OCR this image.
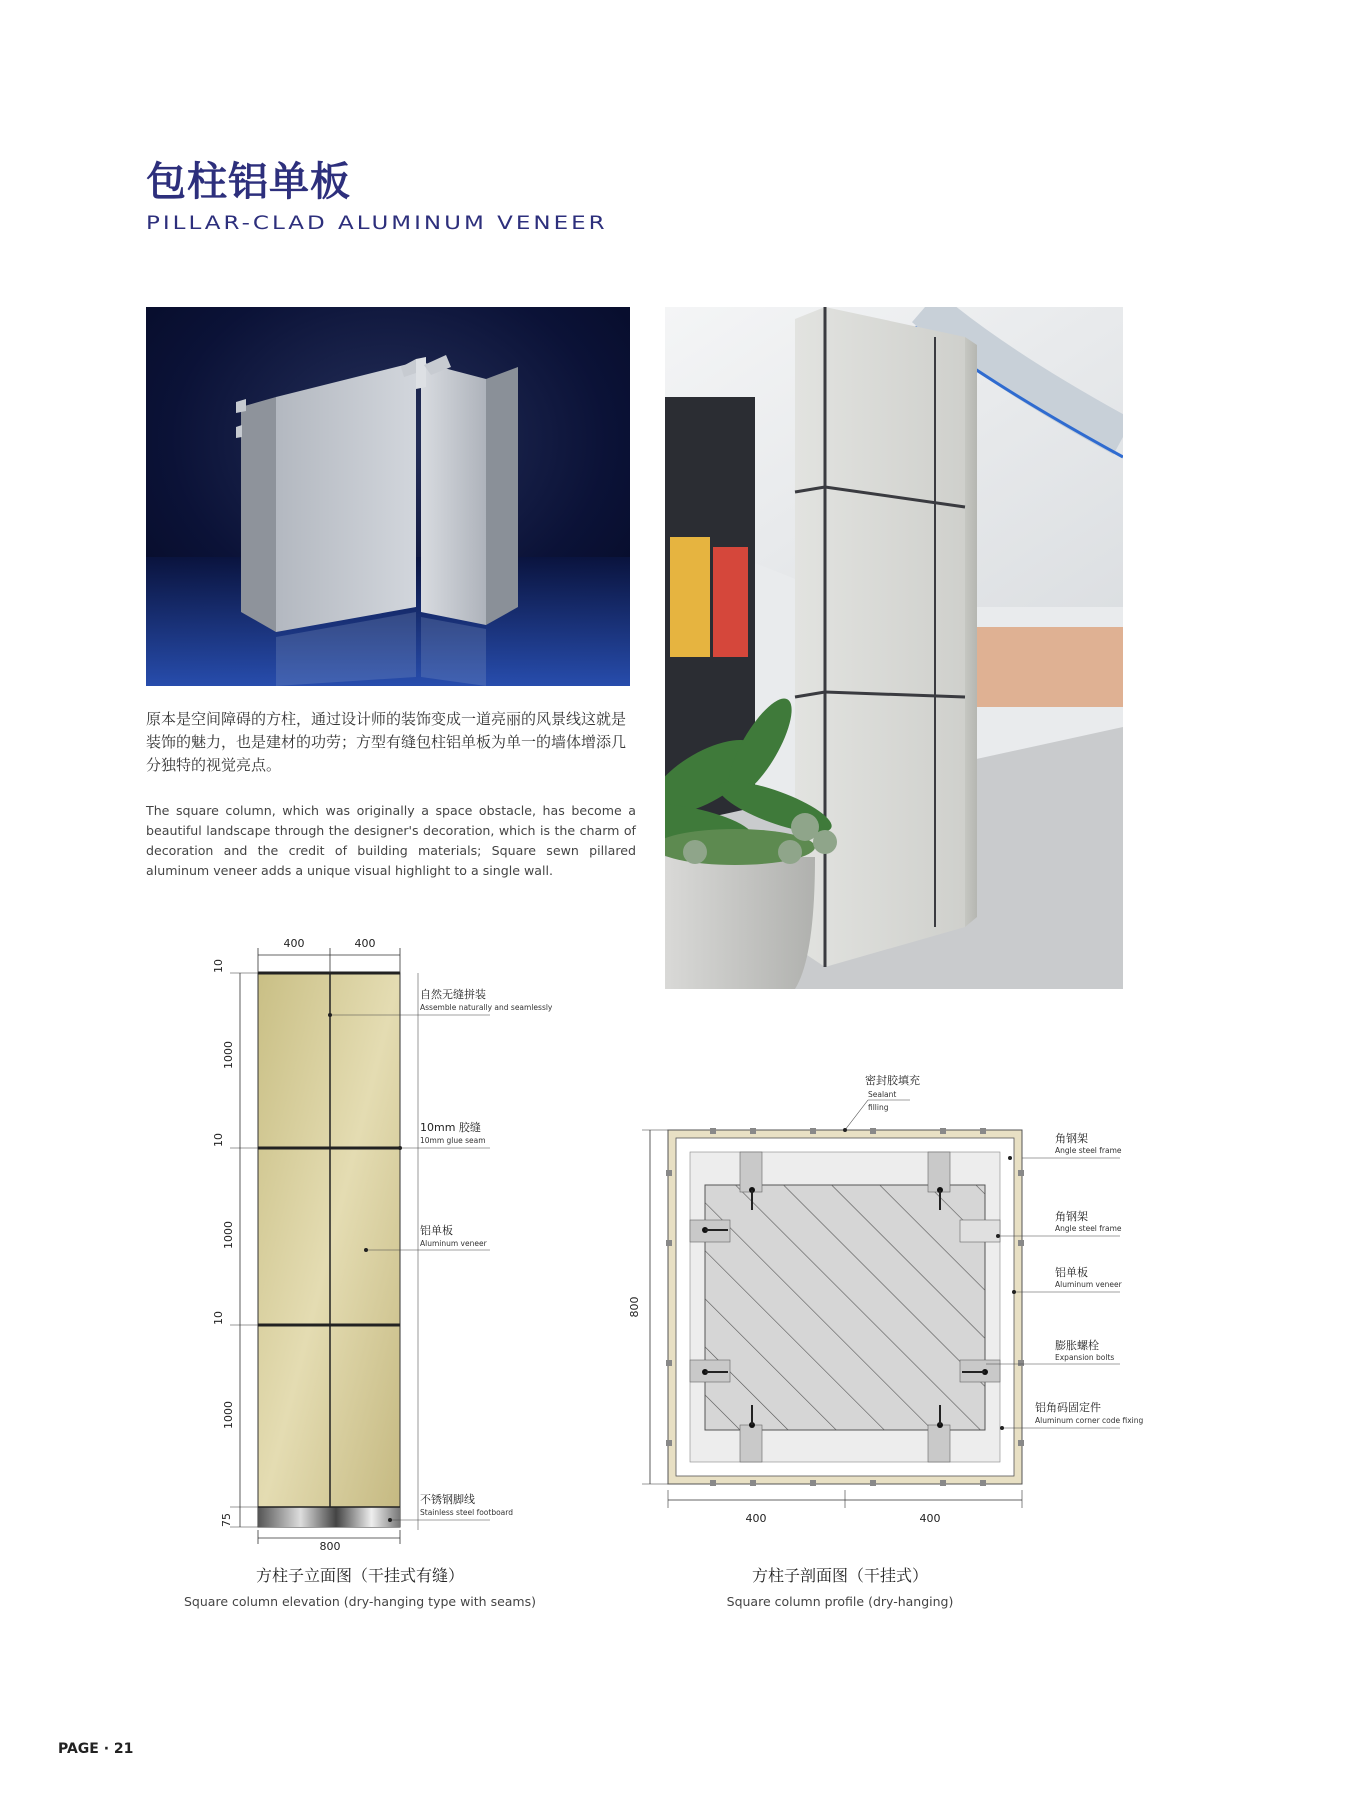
包柱铝单板
PILLAR-CLAD ALUMINUM VENEER

原本是空间障碍的方柱，通过设计师的装饰变成一道亮丽的风景线这就是装饰的魅力，也是建材的功劳；方型有缝包柱铝单板为单一的墙体增添几分独特的视觉亮点。

The square column, which was originally a space obstacle, has become a beautiful landscape through the designer's decoration, which is the charm of decoration and the credit of building materials; Square sewn pillared aluminum veneer adds a unique visual highlight to a single wall.

400	400
10
1000
10
1000
10
1000
75
自然无缝拼装
Assemble naturally and seamlessly
10mm 胶缝
10mm glue seam
铝单板
Aluminum veneer
不锈钢脚线
Stainless steel footboard
800
方柱子立面图（干挂式有缝）
Square column elevation (dry-hanging type with seams)
密封胶填充
Sealant
filling
角钢架
Angle steel frame
角钢架
Angle steel frame
铝单板
Aluminum veneer
膨胀螺栓
Expansion bolts
铝角码固定件
Aluminum corner code fixing
800
400	400
方柱子剖面图（干挂式）
Square column profile (dry-hanging)
PAGE · 21
